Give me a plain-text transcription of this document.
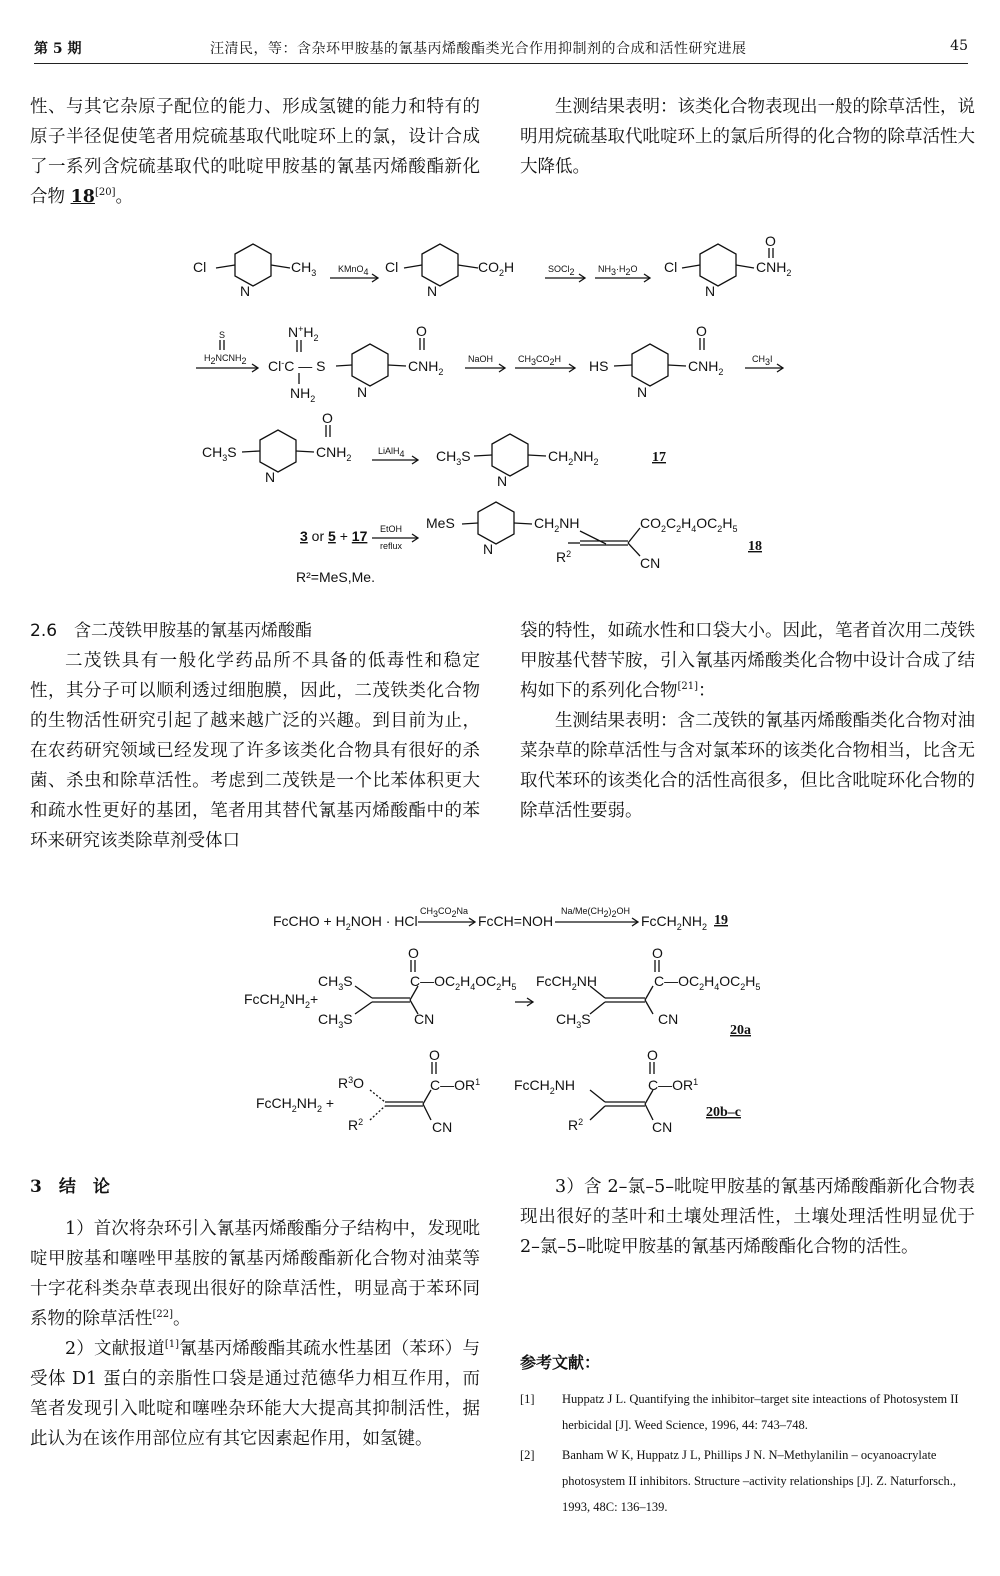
第 5 期	汪清民，等：含杂环甲胺基的氰基丙烯酸酯类光合作用抑制剂的合成和活性研究进展	45

性、与其它杂原子配位的能力、形成氢键的能力和特有的原子半径促使笔者用烷硫基取代吡啶环上的氯，设计合成了一系列含烷硫基取代的吡啶甲胺基的氰基丙烯酸酯新化合物 18[20]。

生测结果表明：该类化合物表现出一般的除草活性，说明用烷硫基取代吡啶环上的氯后所得的化合物的除草活性大大降低。

Cl	$CH_3$ KMnO4 Cl	$CO_2H$	SOCl2	NH3·H2O Cl
O
$CNH_2$
N	N	N
S
H2NCNH2
$N^+H_2$
Cl-C — S
$NH_2$
O
$CNH_2$
N
NaOH	CH3CO2H HS
O
$CNH_2$
N
CH3I
$CH_3S$
O
$CNH_2$
N
LiAlH4 $CH_3S$	$CH_2NH_2$
N
17
3 or 5 + 17 EtOH
reflux
MeS	$CH_2NH$	$CO_2C_2H_4OC_2H_5$
$R^2$
CN
N	18
R²=MeS,Me.

2.6　 含二茂铁甲胺基的氰基丙烯酸酯

二茂铁具有一般化学药品所不具备的低毒性和稳定性，其分子可以顺利透过细胞膜，因此，二茂铁类化合物的生物活性研究引起了越来越广泛的兴趣。到目前为止，在农药研究领域已经发现了许多该类化合物具有很好的杀菌、杀虫和除草活性。考虑到二茂铁是一个比苯体积更大和疏水性更好的基团，笔者用其替代氰基丙烯酸酯中的苯环来研究该类除草剂受体口

袋的特性，如疏水性和口袋大小。因此，笔者首次用二茂铁甲胺基代替苄胺，引入氰基丙烯酸类化合物中设计合成了结构如下的系列化合物[21]：

生测结果表明：含二茂铁的氰基丙烯酸酯类化合物对油菜杂草的除草活性与含对氯苯环的该类化合物相当，比含无取代苯环的该类化合的活性高很多，但比含吡啶环化合物的除草活性要弱。

FcCHO + $H_2NOH$ · HCl
CH3CO2Na
FcCH=NOH
Na/Me(CH2)2OH
$FcCH_2NH_2$ 19
$FcCH_2NH_2+$
$CH_3S$
$CH_3S$
O
$C—OC_2H_4OC_2H_5$
CN
FcCH$_2$NH
$CH_3S$
O
$C—OC_2H_4OC_2H_5$
CN
20a
$FcCH_2NH_2$ +
$R^3O$
$R^2$
O
$C—OR^1$
CN
FcCH$_2$NH
$R^2$
O
$C—OR^1$
CN
20b–c

3　 结　论

1）首次将杂环引入氰基丙烯酸酯分子结构中，发现吡啶甲胺基和噻唑甲基胺的氰基丙烯酸酯新化合物对油菜等十字花科类杂草表现出很好的除草活性，明显高于苯环同系物的除草活性[22]。

2）文献报道[1]氰基丙烯酸酯其疏水性基团（苯环）与受体 D1 蛋白的亲脂性口袋是通过范德华力相互作用，而笔者发现引入吡啶和噻唑杂环能大大提高其抑制活性，据此认为在该作用部位应有其它因素起作用，如氢键。

3）含 2–氯–5–吡啶甲胺基的氰基丙烯酸酯新化合物表现出很好的茎叶和土壤处理活性，土壤处理活性明显优于 2–氯–5–吡啶甲胺基的氰基丙烯酸酯化合物的活性。

参考文献：

[1] Huppatz J L. Quantifying the inhibitor–target site inteactions of Photosystem II herbicidal [J]. Weed Science, 1996, 44: 743–748.
[2] Banham W K, Huppatz J L, Phillips J N. N–Methylanilin – ocyanoacrylate photosystem II inhibitors. Structure –activity relationships [J]. Z. Naturforsch., 1993, 48C: 136–139.
